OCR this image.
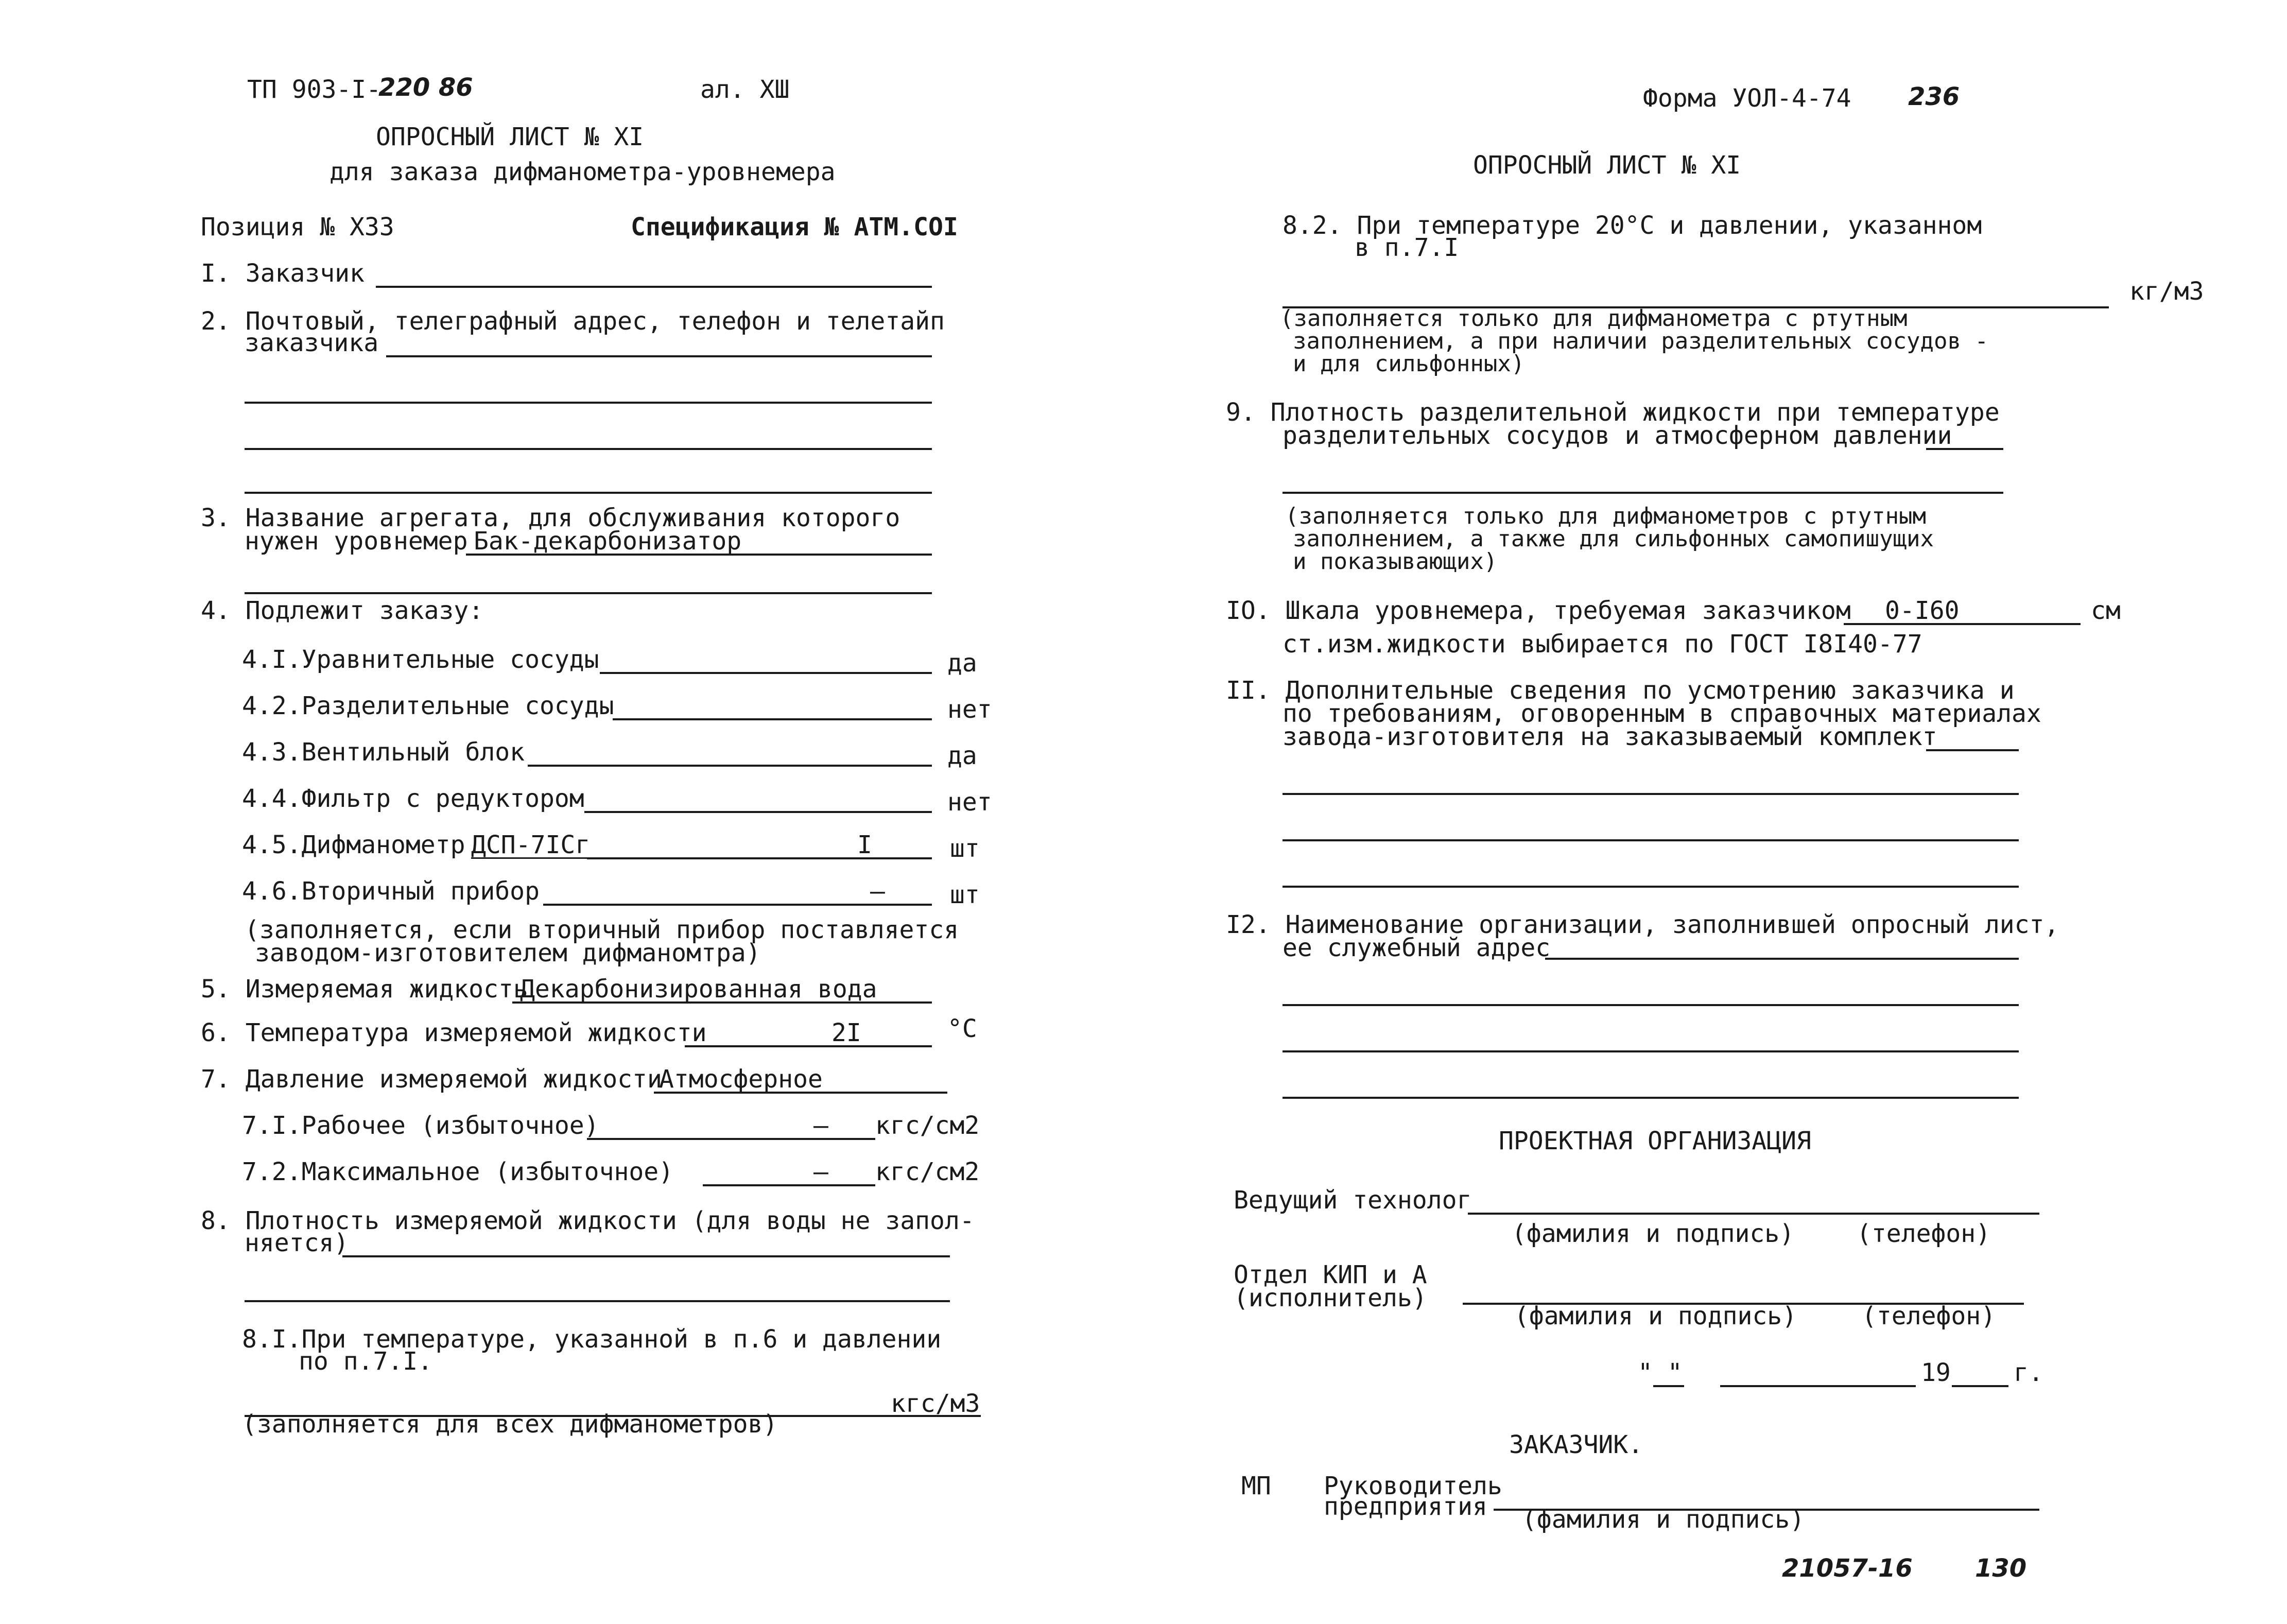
ТП 903-I-
220 86	ал. XШ
ОПРОСНЫЙ ЛИСТ № XI
для заказа дифманометра-уровнемера
Позиция № XЗЗ	Спецификация № АТМ.СОI
I. Заказчик
2. Почтовый, телеграфный адрес, телефон и телетайп
заказчика
3. Название агрегата, для обслуживания которого
нужен уровнемер Бак-декарбонизатор
4. Подлежит заказу:
4.I.Уравнительные сосуды	да
4.2.Разделительные сосуды	нет
4.3.Вентильный блок	да
4.4.Фильтр с редуктором	нет
4.5.Дифманометр ДСП-7IСг	I	шт
4.6.Вторичный прибор	—	шт
(заполняется, если вторичный прибор поставляется
заводом-изготовителем дифманомтра)
5. Измеряемая жидкость
Декарбонизированная вода
6. Температура измеряемой жидкости	2I	°С
7. Давление измеряемой жидкости
Атмосферное
7.I.Рабочее (избыточное)	— кгс/см2
7.2.Максимальное (избыточное)	— кгс/см2
8. Плотность измеряемой жидкости (для воды не запол-
няется)
8.I.При температуре, указанной в п.6 и давлении
по п.7.I.
кгс/м3
(заполняется для всех дифманометров)
Форма УОЛ-4-74 236
ОПРОСНЫЙ ЛИСТ № XI
8.2. При температуре 20°С и давлении, указанном
в п.7.I
кг/м3
(заполняется только для дифманометра с ртутным
заполнением, а при наличии разделительных сосудов -
и для сильфонных)
9. Плотность разделительной жидкости при температуре
разделительных сосудов и атмосферном давлении
(заполняется только для дифманометров с ртутным
заполнением, а также для сильфонных самопишущих
и показывающих)
IO. Шкала уровнемера, требуемая заказчиком 0-I60	см
ст.изм.жидкости выбирается по ГОСТ I8I40-77
II. Дополнительные сведения по усмотрению заказчика и
по требованиям, оговоренным в справочных материалах
завода-изготовителя на заказываемый комплект
I2. Наименование организации, заполнившей опросный лист,
ее служебный адрес
ПРОЕКТНАЯ ОРГАНИЗАЦИЯ
Ведущий технолог
(фамилия и подпись)	(телефон)
Отдел КИП и А
(исполнитель)
(фамилия и подпись)	(телефон)
" "	19	г.
ЗАКАЗЧИК.
МП Руководитель
предприятия (фамилия и подпись)
21057-16	130
